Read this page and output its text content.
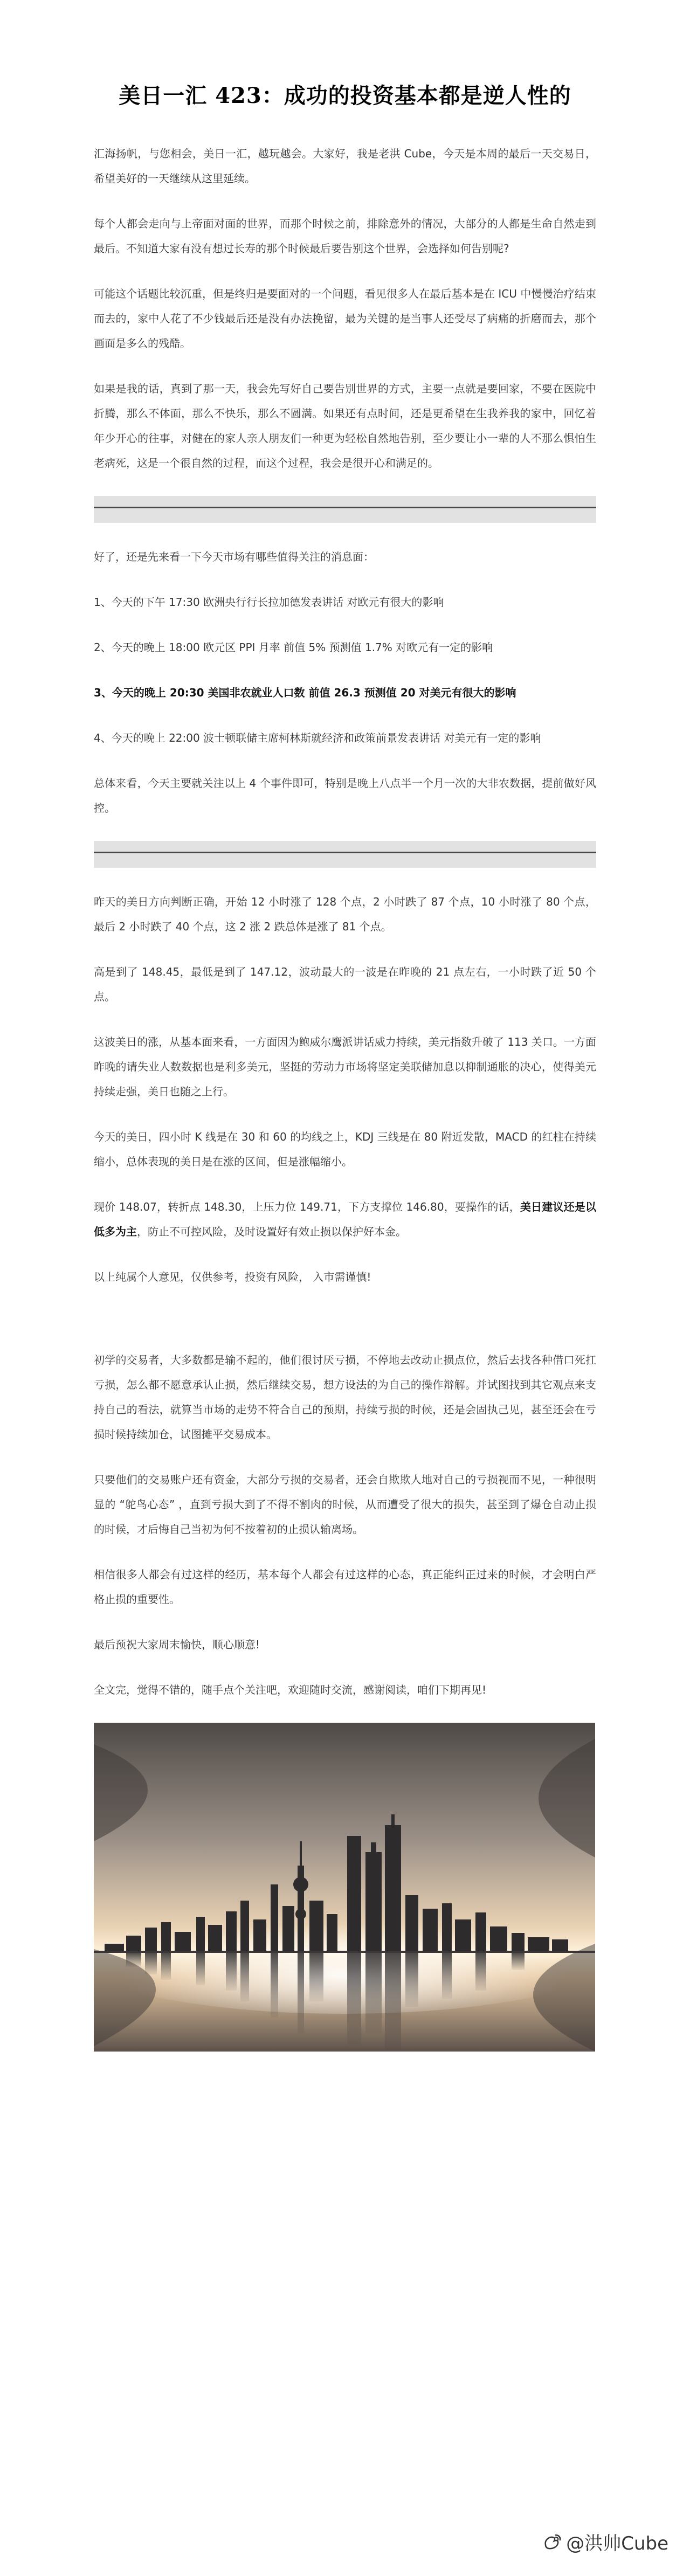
美日一汇 423：成功的投资基本都是逆人性的

汇海扬帆，与您相会，美日一汇，越玩越会。大家好，我是老洪 Cube，今天是本周的最后一天交易日，希望美好的一天继续从这里延续。

每个人都会走向与上帝面对面的世界，而那个时候之前，排除意外的情况，大部分的人都是生命自然走到最后。不知道大家有没有想过长寿的那个时候最后要告别这个世界，会选择如何告别呢?

可能这个话题比较沉重，但是终归是要面对的一个问题，看见很多人在最后基本是在 ICU 中慢慢治疗结束而去的，家中人花了不少钱最后还是没有办法挽留，最为关键的是当事人还受尽了病痛的折磨而去，那个画面是多么的残酷。

如果是我的话，真到了那一天，我会先写好自己要告别世界的方式，主要一点就是要回家，不要在医院中折腾，那么不体面，那么不快乐，那么不圆满。如果还有点时间，还是更希望在生我养我的家中，回忆着年少开心的往事，对健在的家人亲人朋友们一种更为轻松自然地告别，至少要让小一辈的人不那么惧怕生老病死，这是一个很自然的过程，而这个过程，我会是很开心和满足的。

好了，还是先来看一下今天市场有哪些值得关注的消息面：

1、今天的下午 17:30 欧洲央行行长拉加德发表讲话 对欧元有很大的影响

2、今天的晚上 18:00 欧元区 PPI 月率 前值 5% 预测值 1.7% 对欧元有一定的影响

3、今天的晚上 20:30 美国非农就业人口数 前值 26.3 预测值 20 对美元有很大的影响

4、今天的晚上 22:00 波士顿联储主席柯林斯就经济和政策前景发表讲话 对美元有一定的影响

总体来看，今天主要就关注以上 4 个事件即可，特别是晚上八点半一个月一次的大非农数据，提前做好风控。

昨天的美日方向判断正确，开始 12 小时涨了 128 个点，2 小时跌了 87 个点，10 小时涨了 80 个点，最后 2 小时跌了 40 个点，这 2 涨 2 跌总体是涨了 81 个点。

高是到了 148.45，最低是到了 147.12，波动最大的一波是在昨晚的 21 点左右，一小时跌了近 50 个点。

这波美日的涨，从基本面来看，一方面因为鲍威尔鹰派讲话威力持续，美元指数升破了 113 关口。一方面昨晚的请失业人数数据也是利多美元，坚挺的劳动力市场将坚定美联储加息以抑制通胀的决心，使得美元持续走强，美日也随之上行。

今天的美日，四小时 K 线是在 30 和 60 的均线之上，KDJ 三线是在 80 附近发散，MACD 的红柱在持续缩小，总体表现的美日是在涨的区间，但是涨幅缩小。

现价 148.07，转折点 148.30，上压力位 149.71，下方支撑位 146.80，要操作的话，美日建议还是以低多为主，防止不可控风险，及时设置好有效止损以保护好本金。

以上纯属个人意见，仅供参考，投资有风险， 入市需谨慎!

初学的交易者，大多数都是输不起的，他们很讨厌亏损，不停地去改动止损点位，然后去找各种借口死扛亏损，怎么都不愿意承认止损，然后继续交易，想方设法的为自己的操作辩解。并试图找到其它观点来支持自己的看法，就算当市场的走势不符合自己的预期，持续亏损的时候，还是会固执己见，甚至还会在亏损时候持续加仓，试图摊平交易成本。

只要他们的交易账户还有资金，大部分亏损的交易者，还会自欺欺人地对自己的亏损视而不见，一种很明显的 “鸵鸟心态” ，直到亏损大到了不得不割肉的时候，从而遭受了很大的损失，甚至到了爆仓自动止损的时候，才后悔自己当初为何不按着初的止损认输离场。

相信很多人都会有过这样的经历，基本每个人都会有过这样的心态，真正能纠正过来的时候，才会明白严格止损的重要性。

最后预祝大家周末愉快，顺心顺意!

全文完，觉得不错的，随手点个关注吧，欢迎随时交流，感谢阅读，咱们下期再见!

@洪帅Cube
